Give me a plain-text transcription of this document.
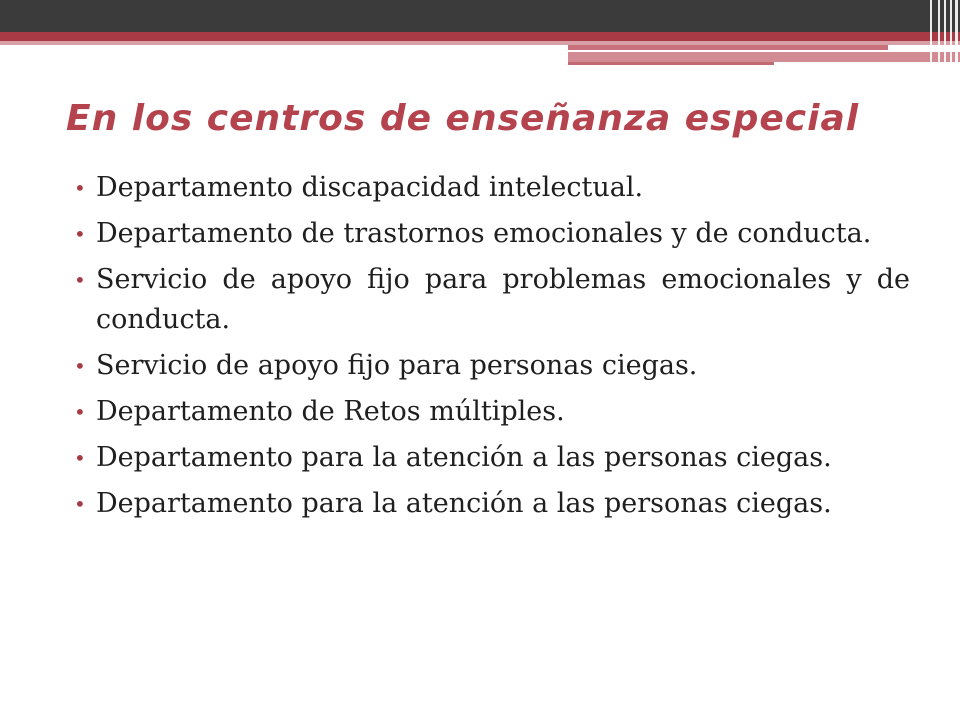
En los centros de enseñanza especial
• Departamento discapacidad intelectual.
• Departamento de trastornos emocionales y de conducta.
• Servicio de apoyo fijo para problemas emocionales y de conducta.
• Servicio de apoyo fijo para personas ciegas.
• Departamento de Retos múltiples.
• Departamento para la atención a las personas ciegas.
• Departamento para la atención a las personas ciegas.
